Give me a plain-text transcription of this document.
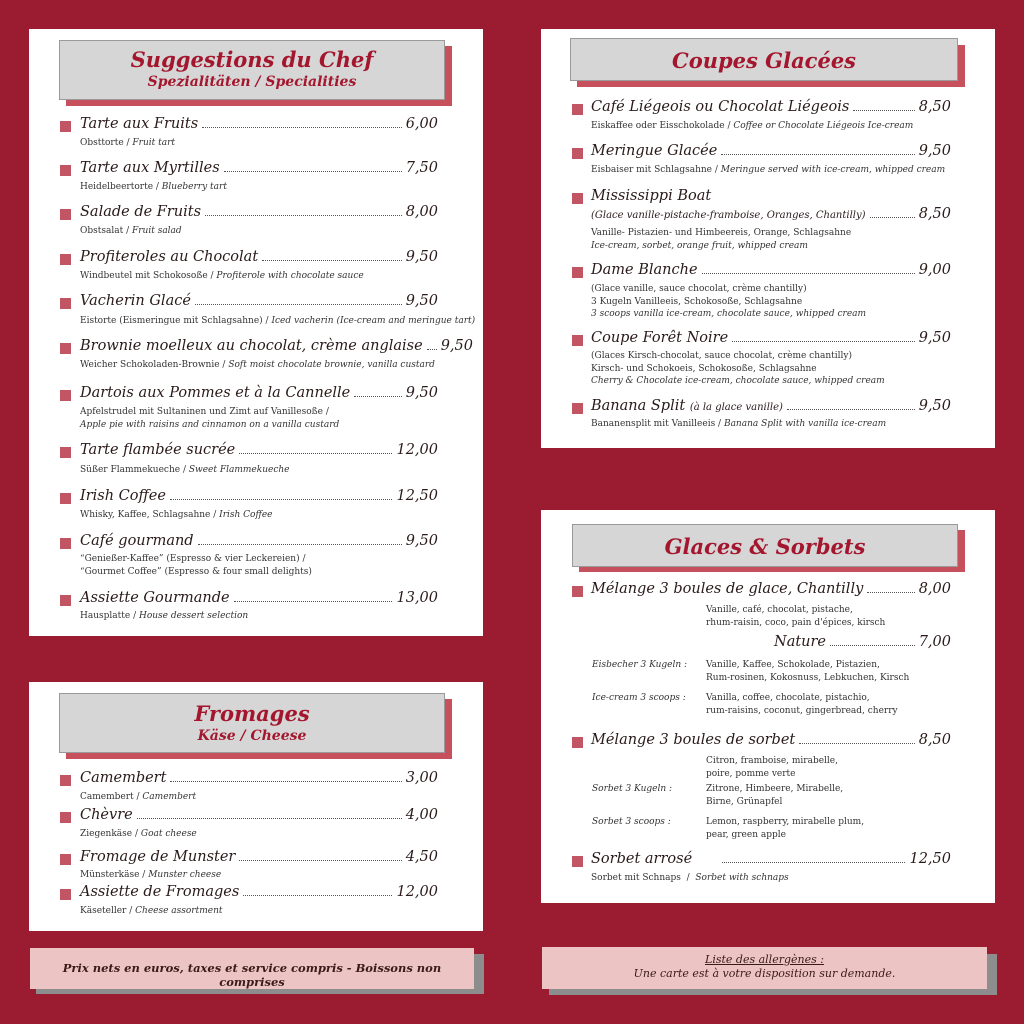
Suggestions du Chef
Spezialitäten / Specialities
Tarte aux Fruits	6,00
Obsttorte / Fruit tart
Tarte aux Myrtilles	7,50
Heidelbeertorte / Blueberry tart
Salade de Fruits	8,00
Obstsalat / Fruit salad
Profiteroles au Chocolat	9,50
Windbeutel mit Schokosoße / Profiterole with chocolate sauce
Vacherin Glacé	9,50
Eistorte (Eismeringue mit Schlagsahne) / Iced vacherin (Ice-cream and meringue tart)
Brownie moelleux au chocolat, crème anglaise 9,50
Weicher Schokoladen-Brownie / Soft moist chocolate brownie, vanilla custard
Dartois aux Pommes et à la Cannelle	9,50
Apfelstrudel mit Sultaninen und Zimt auf Vanillesoße /
Apple pie with raisins and cinnamon on a vanilla custard
Tarte flambée sucrée	12,00
Süßer Flammekueche / Sweet Flammekueche
Irish Coffee	12,50
Whisky, Kaffee, Schlagsahne / Irish Coffee
Café gourmand	9,50
“Genießer-Kaffee” (Espresso & vier Leckereien) /
“Gourmet Coffee” (Espresso & four small delights)
Assiette Gourmande	13,00
Hausplatte / House dessert selection
Fromages
Käse / Cheese
Camembert	3,00
Camembert / Camembert
Chèvre	4,00
Ziegenkäse / Goat cheese
Fromage de Munster	4,50
Münsterkäse / Munster cheese
Assiette de Fromages	12,00
Käseteller / Cheese assortment
Coupes Glacées
Café Liégeois ou Chocolat Liégeois	8,50
Eiskaffee oder Eisschokolade / Coffee or Chocolate Liégeois Ice-cream
Meringue Glacée	9,50
Eisbaiser mit Schlagsahne / Meringue served with ice-cream, whipped cream
Mississippi Boat
(Glace vanille-pistache-framboise, Oranges, Chantilly)	8,50
Vanille- Pistazien- und Himbeereis, Orange, Schlagsahne
Ice-cream, sorbet, orange fruit, whipped cream
Dame Blanche	9,00
(Glace vanille, sauce chocolat, crème chantilly)
3 Kugeln Vanilleeis, Schokosoße, Schlagsahne
3 scoops vanilla ice-cream, chocolate sauce, whipped cream
Coupe Forêt Noire	9,50
(Glaces Kirsch-chocolat, sauce chocolat, crème chantilly)
Kirsch- und Schokoeis, Schokosoße, Schlagsahne
Cherry & Chocolate ice-cream, chocolate sauce, whipped cream
Banana Split
(à la glace vanille)	9,50
Bananensplit mit Vanilleeis / Banana Split with vanilla ice-cream
Glaces & Sorbets
Mélange 3 boules de glace, Chantilly	8,00
Vanille, café, chocolat, pistache,
rhum-raisin, coco, pain d'épices, kirsch
Nature	7,00
Eisbecher 3 Kugeln : Vanille, Kaffee, Schokolade, Pistazien,
Rum-rosinen, Kokosnuss, Lebkuchen, Kirsch
Ice-cream 3 scoops : Vanilla, coffee, chocolate, pistachio,
rum-raisins, coconut, gingerbread, cherry
Mélange 3 boules de sorbet	8,50
Citron, framboise, mirabelle,
poire, pomme verte
Sorbet 3 Kugeln :	Zitrone, Himbeere, Mirabelle,
Birne, Grünapfel
Sorbet 3 scoops :	Lemon, raspberry, mirabelle plum,
pear, green apple
Sorbet arrosé	12,50
Sorbet mit Schnaps  /  Sorbet with schnaps
Prix nets en euros, taxes et service compris - Boissons non comprises
Liste des allergènes :
Une carte est à votre disposition sur demande.
